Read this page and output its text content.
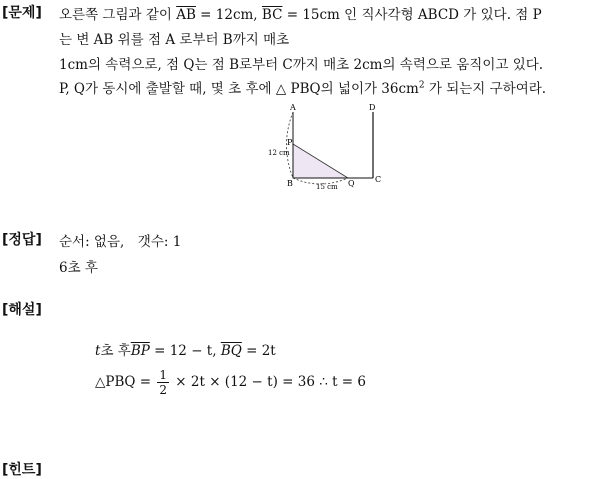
[문제] 오른쪽 그림과 같이 $\overline{AB} = 12cm$, $\overline{BC} = 15cm$ 인 직사각형 ABCD 가 있다. 점 P
는 변 AB 위를 점 A 로부터 B까지 매초
1cm의 속력으로, 점 Q는 점 B로부터 C까지 매초 2cm의 속력으로 움직이고 있다.
P, Q가 동시에 출발할 때, 몇 초 후에 △ PBQ의 넓이가 $36cm^2$ 가 되는지 구하여라.
A	D
P
B	Q	C
12 cm
15 cm
[정답] 순서: 없음,　갯수: 1
6초 후
[해설]
t초 후$\overline{BP} = 12 - t$, $\overline{BQ} = 2t$
△PBQ = $\frac{1}{2} \times 2t \times (12 - t) = 36$ ∴ t = 6
[힌트]
